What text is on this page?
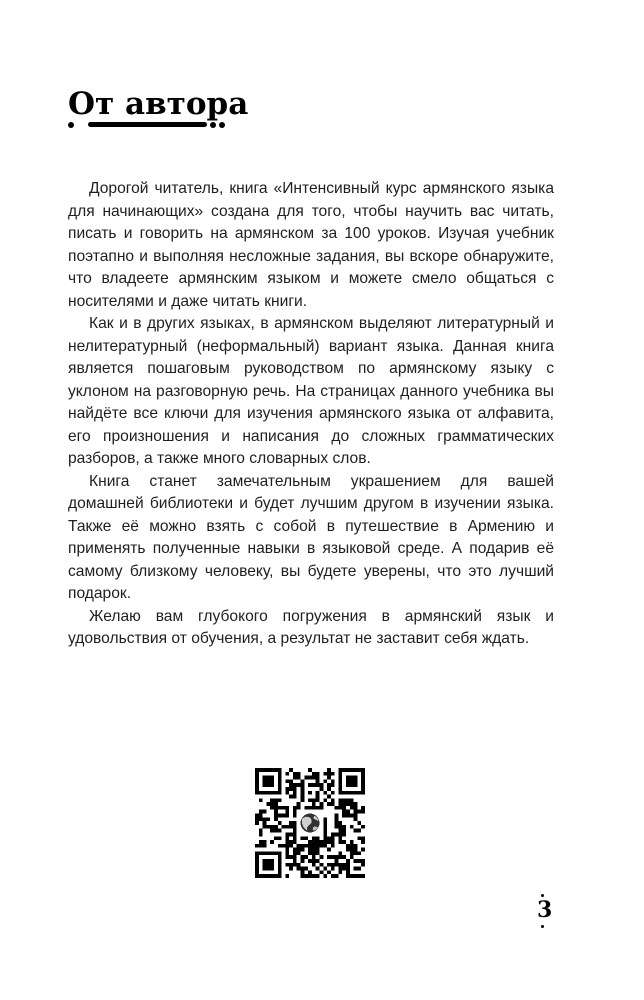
От автора

Дорогой читатель, книга «Интенсивный курс армянского языка для начинающих» создана для того, чтобы научить вас читать, писать и говорить на армянском за 100 уроков. Изучая учебник поэтапно и выполняя несложные задания, вы вскоре обнаружите, что владеете армянским языком и можете смело общаться с носителями и даже читать книги.

Как и в других языках, в армянском выделяют литературный и нелитературный (неформальный) вариант языка. Данная книга является пошаговым руководством по армянскому языку с уклоном на разговорную речь. На страницах данного учебника вы найдёте все ключи для изучения армянского языка от алфавита, его произношения и написания до сложных грамматических разборов, а также много словарных слов.

Книга станет замечательным украшением для вашей домашней библиотеки и будет лучшим другом в изучении языка. Также её можно взять с собой в путешествие в Армению и применять полученные навыки в языковой среде. А подарив её самому близкому человеку, вы будете уверены, что это лучший подарок.

Желаю вам глубокого погружения в армянский язык и удовольствия от обучения, а результат не заставит себя ждать.

3
